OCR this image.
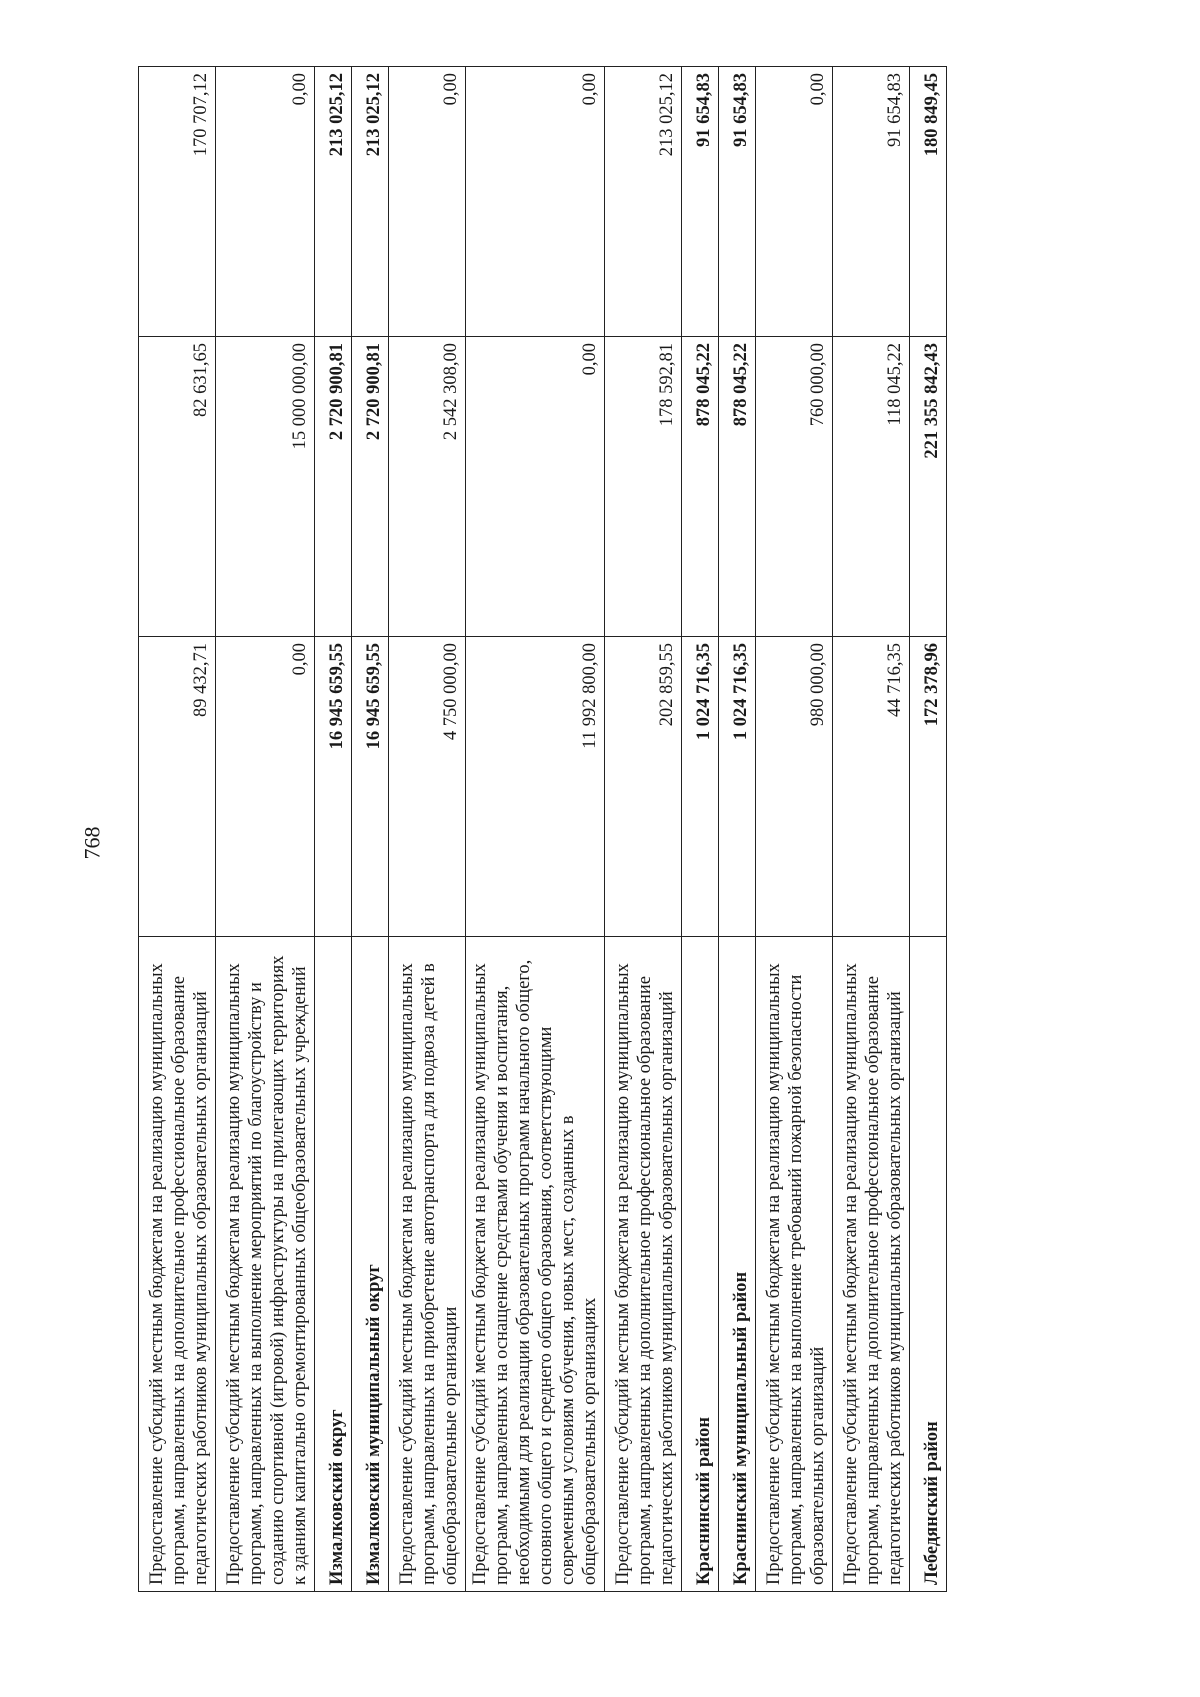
768
Предоставление субсидий местным бюджетам на реализацию муниципальных программ, направленных на дополнительное профессиональное образование педагогических работников муниципальных образовательных организаций	89 432,71	82 631,65	170 707,12
Предоставление субсидий местным бюджетам на реализацию муниципальных программ, направленных на выполнение мероприятий по благоустройству и созданию спортивной (игровой) инфраструктуры на прилегающих территориях к зданиям капитально отремонтированных общеобразовательных учреждений	0,00	15 000 000,00	0,00
Измалковский округ	16 945 659,55	2 720 900,81	213 025,12
Измалковский муниципальный округ	16 945 659,55	2 720 900,81	213 025,12
Предоставление субсидий местным бюджетам на реализацию муниципальных программ, направленных на приобретение автотранспорта для подвоза детей в общеобразовательные организации	4 750 000,00	2 542 308,00	0,00
Предоставление субсидий местным бюджетам на реализацию муниципальных программ, направленных на оснащение средствами обучения и воспитания, необходимыми для реализации образовательных программ начального общего, основного общего и среднего общего образования, соответствующими современным условиям обучения, новых мест, созданных в общеобразовательных организациях	11 992 800,00	0,00	0,00
Предоставление субсидий местным бюджетам на реализацию муниципальных программ, направленных на дополнительное профессиональное образование педагогических работников муниципальных образовательных организаций	202 859,55	178 592,81	213 025,12
Краснинский район	1 024 716,35	878 045,22	91 654,83
Краснинский муниципальный район	1 024 716,35	878 045,22	91 654,83
Предоставление субсидий местным бюджетам на реализацию муниципальных программ, направленных на выполнение требований пожарной безопасности образовательных организаций	980 000,00	760 000,00	0,00
Предоставление субсидий местным бюджетам на реализацию муниципальных программ, направленных на дополнительное профессиональное образование педагогических работников муниципальных образовательных организаций	44 716,35	118 045,22	91 654,83
Лебедянский район	172 378,96	221 355 842,43	180 849,45
